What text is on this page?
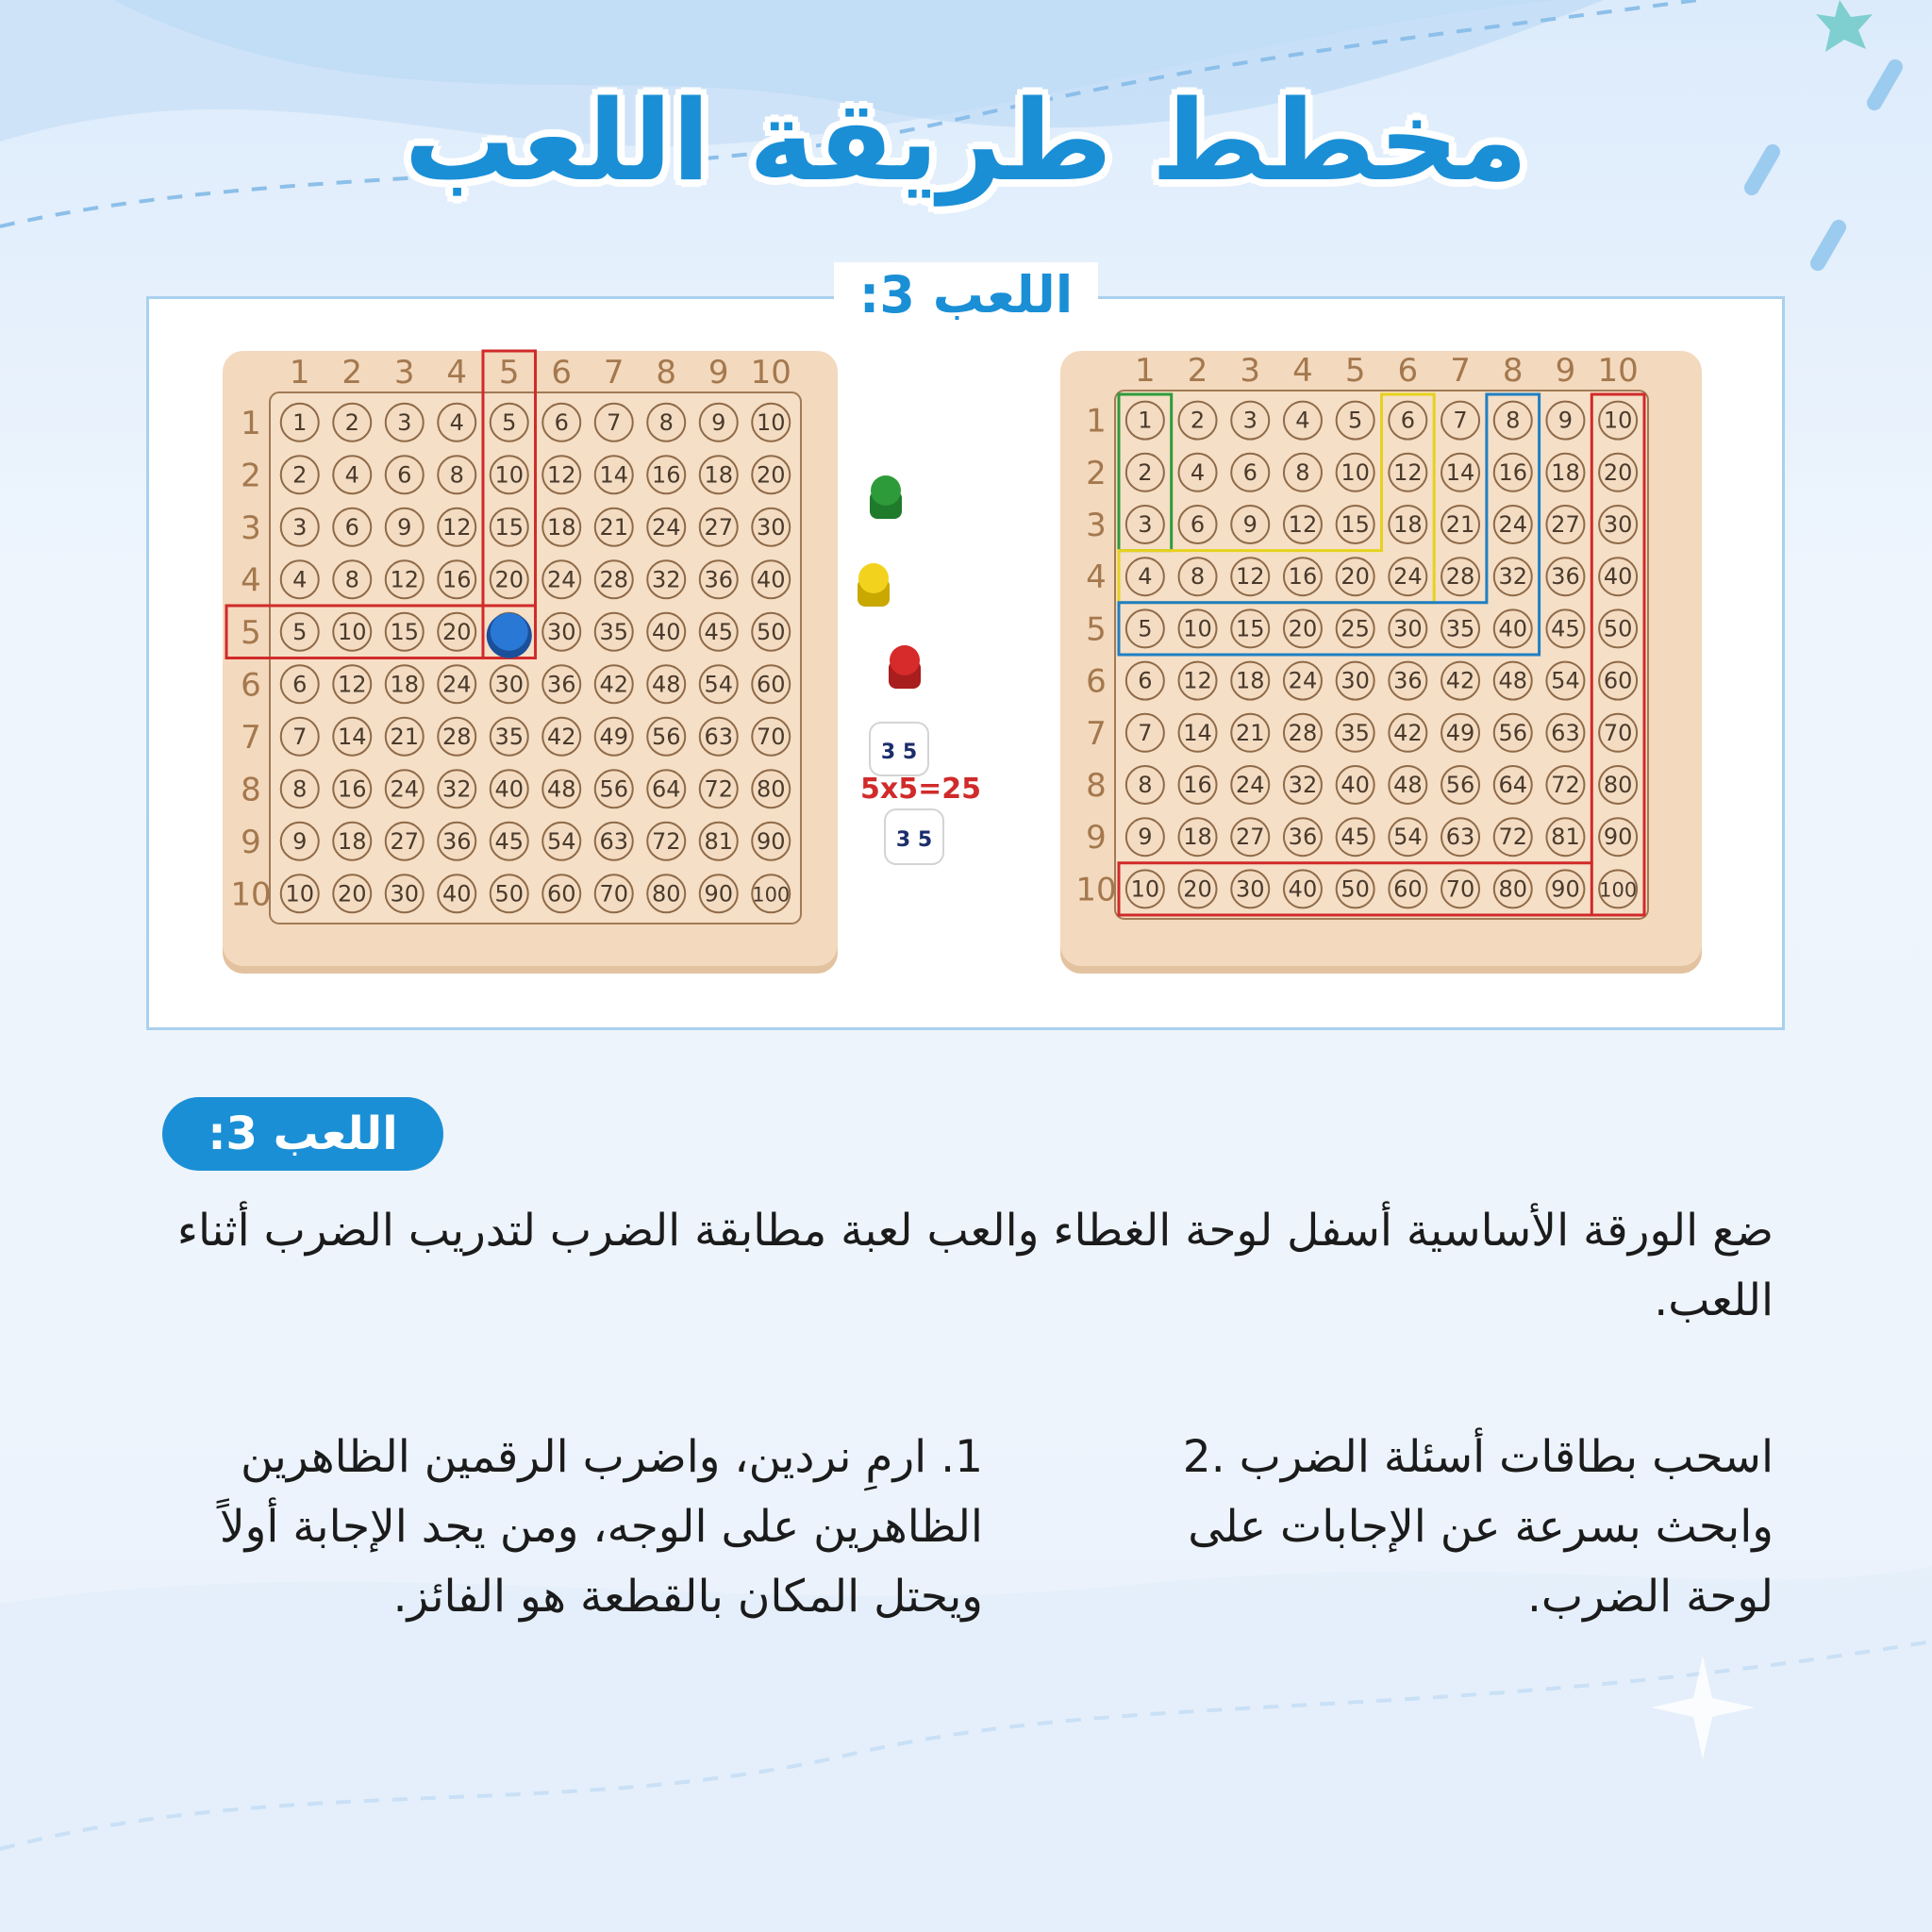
مخطط طريقة اللعب
اللعب 3:
1 2 3 4 5 6 7 8 9 10
1
2
3
4
5
6
7
8
9
10
1 2 3 4 5 6 7 8 9 10
2 4 6 8 10 12 14 16 18 20
3 6 9 12 15 18 21 24 27 30
4 8 12 16 20 24 28 32 36 40
5 10 15 20	30 35 40 45 50
6 12 18 24 30 36 42 48 54 60
7 14 21 28 35 42 49 56 63 70
8 16 24 32 40 48 56 64 72 80
9 18 27 36 45 54 63 72 81 90
10 20 30 40 50 60 70 80 90 100
1 2 3 4 5 6 7 8 9 10
1
2
3
4
5
6
7
8
9
10
1 2 3 4 5 6 7 8 9 10
2 4 6 8 10 12 14 16 18 20
3 6 9 12 15 18 21 24 27 30
4 8 12 16 20 24 28 32 36 40
5 10 15 20 25 30 35 40 45 50
6 12 18 24 30 36 42 48 54 60
7 14 21 28 35 42 49 56 63 70
8 16 24 32 40 48 56 64 72 80
9 18 27 36 45 54 63 72 81 90
10 20 30 40 50 60 70 80 90 100
3 5
5x5=25
3 5
اللعب 3:
ضع الورقة الأساسية أسفل لوحة الغطاء والعب لعبة مطابقة الضرب لتدريب الضرب أثناء اللعب.
اسحب بطاقات أسئلة الضرب .2 وابحث بسرعة عن الإجابات على لوحة الضرب.
1. ارمِ نردين، واضرب الرقمين الظاهرين الظاهرين على الوجه، ومن يجد الإجابة أولاً ويحتل المكان بالقطعة هو الفائز.
